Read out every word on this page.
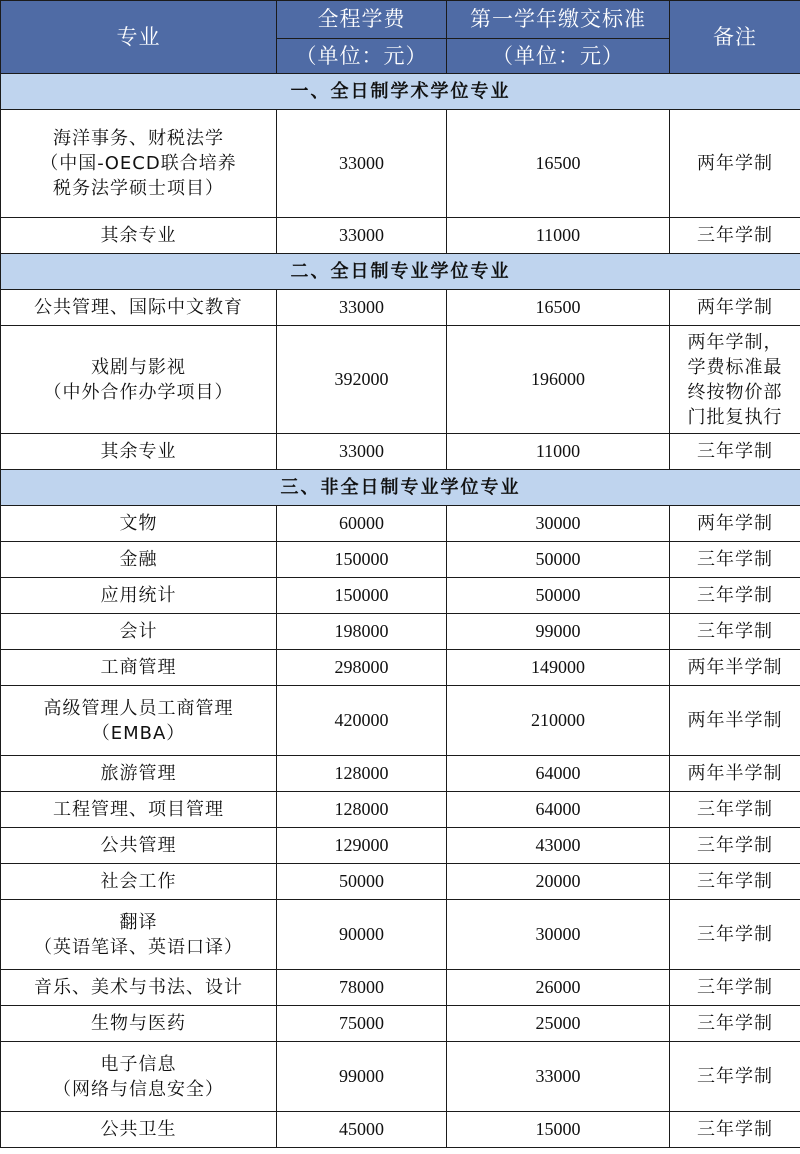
专业	全程学费	第一学年缴交标准	备注
	（单位：元）	（单位：元）	
一、全日制学术学位专业			

海洋事务、财税法学
（中国-OECD联合培养
税务法学硕士项目）	33000	16500	两年学制

其余专业	33000	11000	三年学制

二、全日制专业学位专业			

公共管理、国际中文教育	33000	16500	两年学制

戏剧与影视
（中外合作办学项目）	392000	196000	两年学制，
学费标准最
终按物价部
门批复执行

其余专业	33000	11000	三年学制

三、非全日制专业学位专业			

文物	60000	30000	两年学制

金融	150000	50000	三年学制

应用统计	150000	50000	三年学制

会计	198000	99000	三年学制

工商管理	298000	149000	两年半学制

高级管理人员工商管理
（EMBA）	420000	210000	两年半学制

旅游管理	128000	64000	两年半学制

工程管理、项目管理	128000	64000	三年学制

公共管理	129000	43000	三年学制

社会工作	50000	20000	三年学制

翻译
（英语笔译、英语口译）	90000	30000	三年学制

音乐、美术与书法、设计	78000	26000	三年学制

生物与医药	75000	25000	三年学制

电子信息
（网络与信息安全）	99000	33000	三年学制

公共卫生	45000	15000	三年学制
